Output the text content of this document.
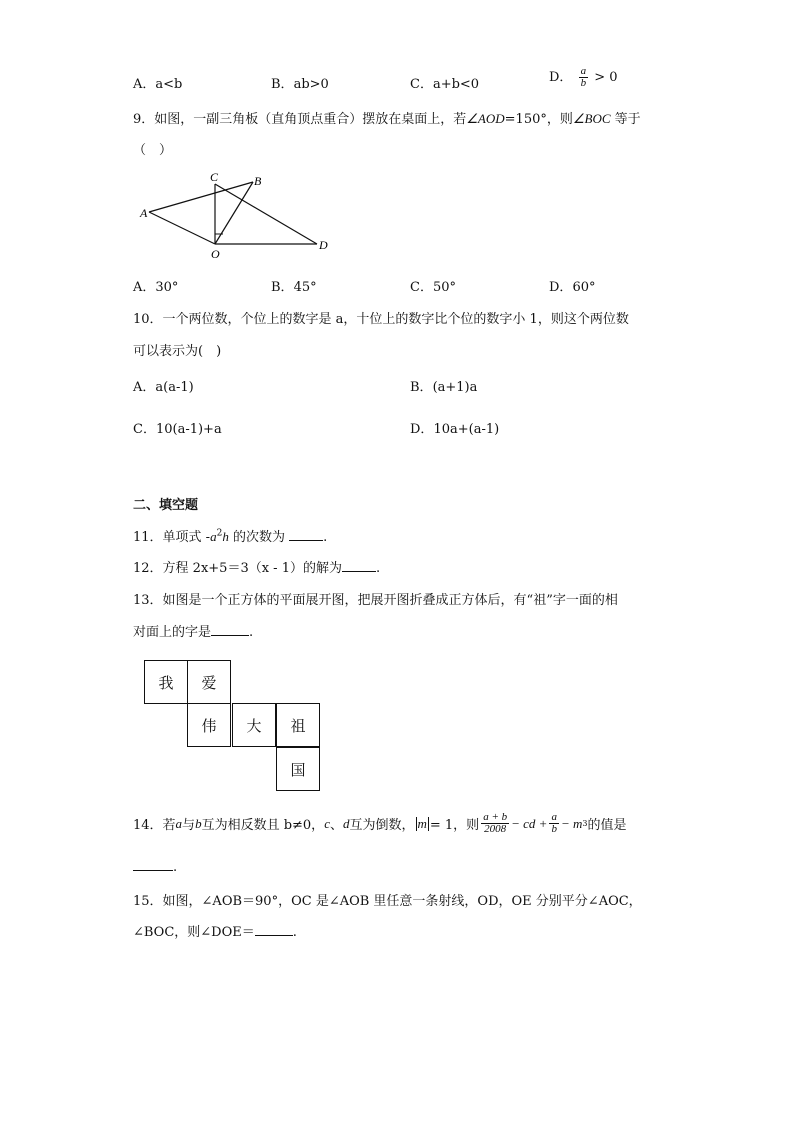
A．a<b	B．ab>0	C．a+b<0	D． $\frac{a}{b} > 0$
9．如图，一副三角板（直角顶点重合）摆放在桌面上，若∠AOD=150°，则∠BOC 等于
（　）
C	B
A
O
D
A．30°	B．45°	C．50°	D．60°
10．一个两位数，个位上的数字是 a，十位上的数字比个位的数字小 1，则这个两位数
可以表示为(　)
A．a(a-1)	B．(a+1)a
C．10(a-1)+a	D．10a+(a-1)
二、填空题
11．单项式 $-a^2h$ 的次数为	.
12．方程 2x+5＝3（x - 1）的解为	.
13．如图是一个正方体的平面展开图，把展开图折叠成正方体后，有“祖”字一面的相
对面上的字是	.
我	爱
伟	大	祖
国
14．若 a 与 b 互为相反数且 b≠0， c 、 d 互为倒数， m = 1，则 $\frac{a + b}{2008}$ − cd + $\frac{a}{b} - m$ 3 的值是
.
15．如图，∠AOB＝90°，OC 是∠AOB 里任意一条射线，OD，OE 分别平分∠AOC，
∠BOC，则∠DOE＝	.
